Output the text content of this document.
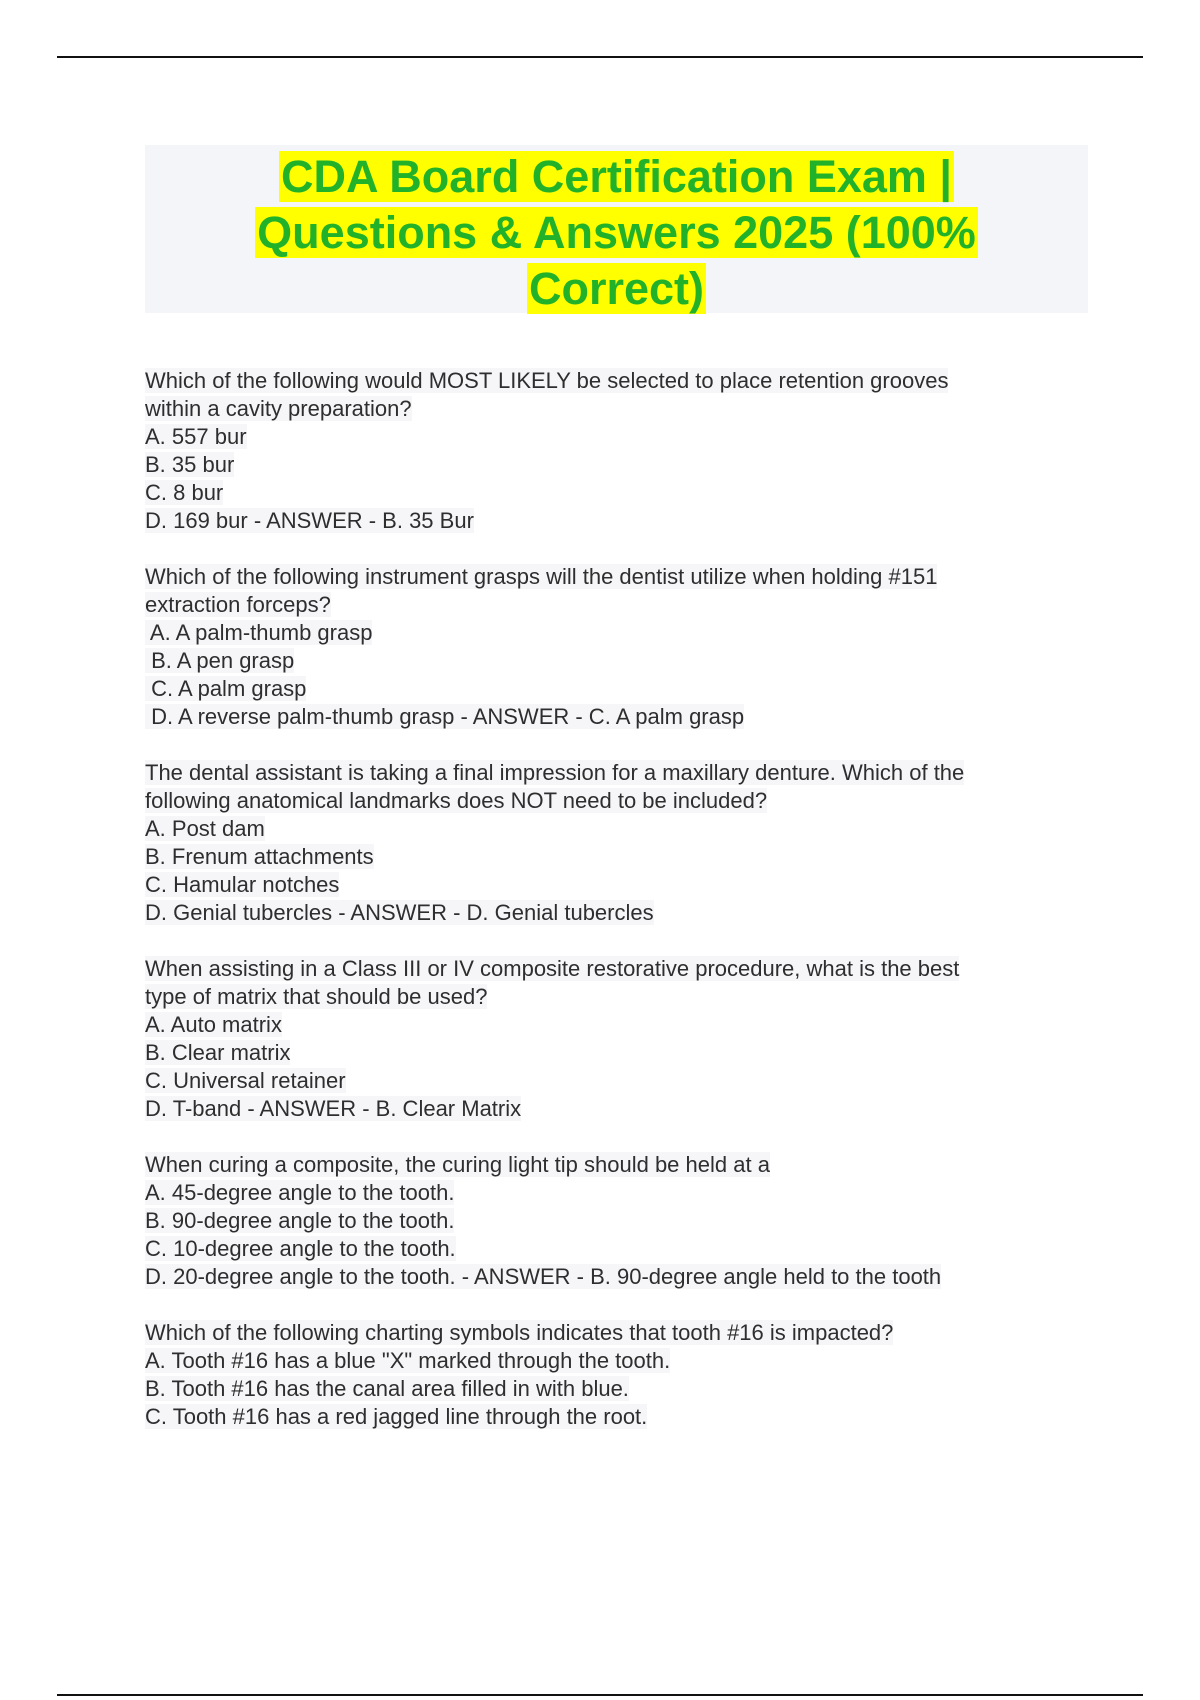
CDA Board Certification Exam |
Questions & Answers 2025 (100%
Correct)
Which of the following would MOST LIKELY be selected to place retention grooves
within a cavity preparation?
A. 557 bur
B. 35 bur
C. 8 bur
D. 169 bur - ANSWER - B. 35 Bur
Which of the following instrument grasps will the dentist utilize when holding #151
extraction forceps?
A. A palm-thumb grasp
B. A pen grasp
C. A palm grasp
D. A reverse palm-thumb grasp - ANSWER - C. A palm grasp
The dental assistant is taking a final impression for a maxillary denture. Which of the
following anatomical landmarks does NOT need to be included?
A. Post dam
B. Frenum attachments
C. Hamular notches
D. Genial tubercles - ANSWER - D. Genial tubercles
When assisting in a Class III or IV composite restorative procedure, what is the best
type of matrix that should be used?
A. Auto matrix
B. Clear matrix
C. Universal retainer
D. T-band - ANSWER - B. Clear Matrix
When curing a composite, the curing light tip should be held at a
A. 45-degree angle to the tooth.
B. 90-degree angle to the tooth.
C. 10-degree angle to the tooth.
D. 20-degree angle to the tooth. - ANSWER - B. 90-degree angle held to the tooth
Which of the following charting symbols indicates that tooth #16 is impacted?
A. Tooth #16 has a blue "X" marked through the tooth.
B. Tooth #16 has the canal area filled in with blue.
C. Tooth #16 has a red jagged line through the root.
